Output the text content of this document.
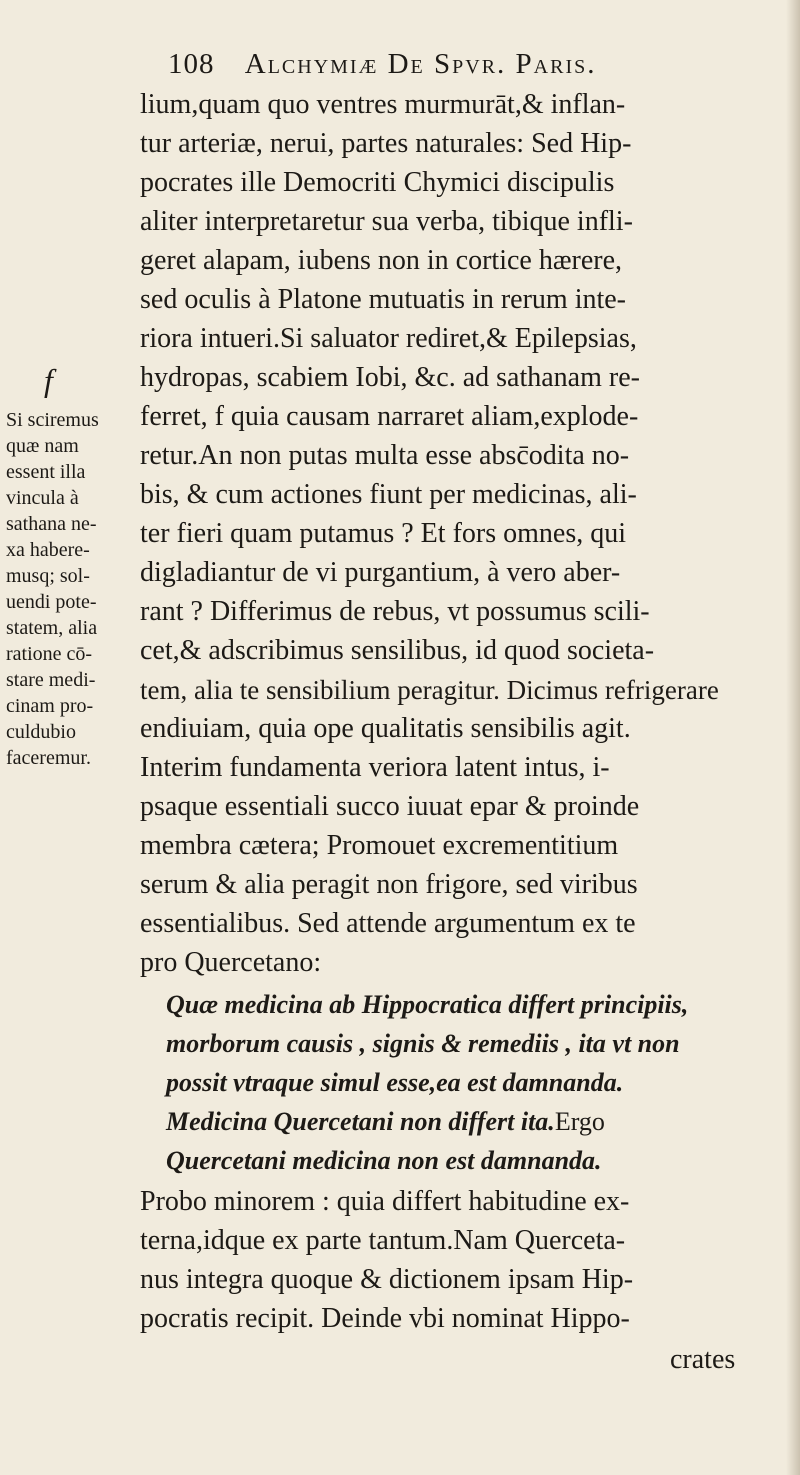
108 Alchymiæ De Spvr. Paris.
lium,quam quo ventres murmurāt,& inflan-
tur arteriæ, nerui, partes naturales: Sed Hip-
pocrates ille Democriti Chymici discipulis
aliter interpretaretur sua verba, tibique infli-
geret alapam, iubens non in cortice hærere,
sed oculis à Platone mutuatis in rerum inte-
riora intueri.Si saluator rediret,& Epilepsias,
hydropas, scabiem Iobi, &c. ad sathanam re-
ferret, f quia causam narraret aliam,explode-
retur.An non putas multa esse absc̄odita no-
bis, & cum actiones fiunt per medicinas, ali-
ter fieri quam putamus ? Et fors omnes, qui
digladiantur de vi purgantium, à vero aber-
rant ? Differimus de rebus, vt possumus scili-
cet,& adscribimus sensilibus, id quod societa-
tem, alia te sensibilium peragitur. Dicimus refrigerare
endiuiam, quia ope qualitatis sensibilis agit.
Interim fundamenta veriora latent intus, i-
psaque essentiali succo iuuat epar & proinde
membra cætera; Promouet excrementitium
serum & alia peragit non frigore, sed viribus
essentialibus. Sed attende argumentum ex te
pro Quercetano:
Quæ medicina ab Hippocratica differt principiis,
morborum causis , signis & remediis , ita vt non
possit vtraque simul esse,ea est damnanda.
Medicina Quercetani non differt ita.Ergo
Quercetani medicina non est damnanda.
Probo minorem : quia differt habitudine ex-
terna,idque ex parte tantum.Nam Querceta-
nus integra quoque & dictionem ipsam Hip-
pocratis recipit. Deinde vbi nominat Hippo-
crates
f
Si sciremus
quæ nam
essent illa
vincula à
sathana ne-
xa habere-
musq; sol-
uendi pote-
statem, alia
ratione cō-
stare medi-
cinam pro-
culdubio
faceremur.
